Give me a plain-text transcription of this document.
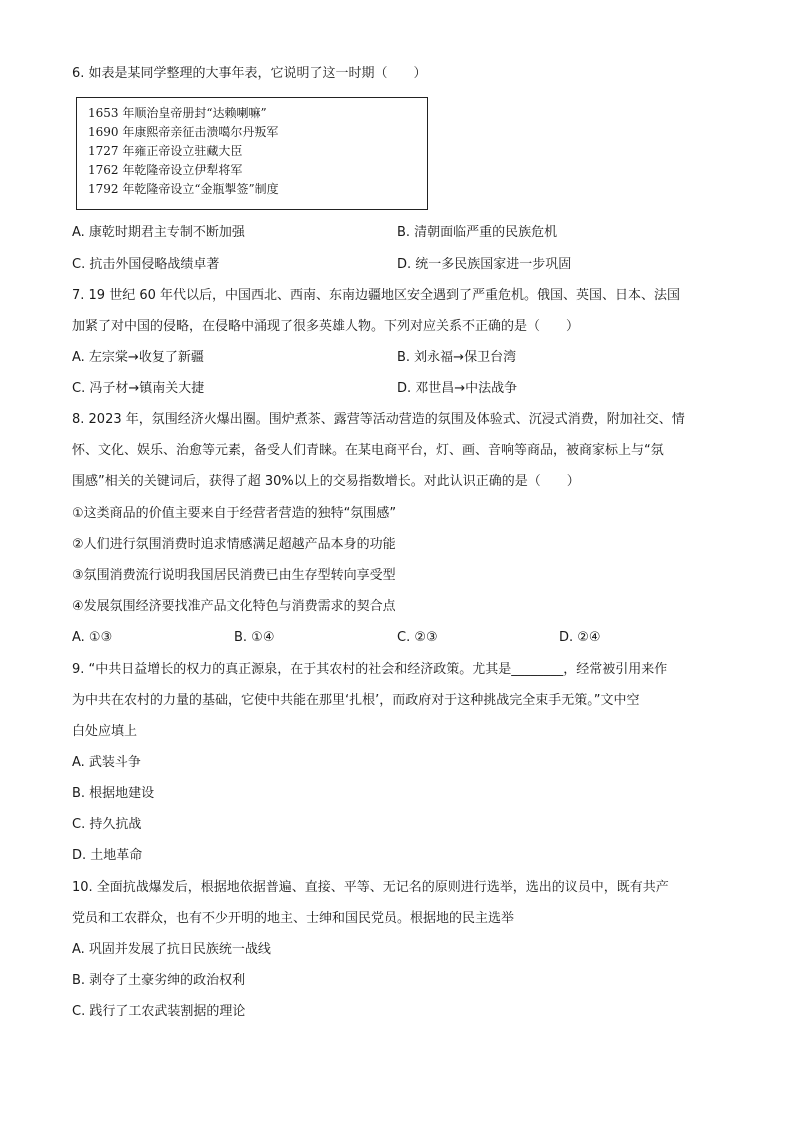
6. 如表是某同学整理的大事年表，它说明了这一时期（　　）
1653 年顺治皇帝册封“达赖喇嘛”
1690 年康熙帝亲征击溃噶尔丹叛军
1727 年雍正帝设立驻藏大臣
1762 年乾隆帝设立伊犁将军
1792 年乾隆帝设立“金瓶掣签”制度
A. 康乾时期君主专制不断加强	B. 清朝面临严重的民族危机
C. 抗击外国侵略战绩卓著	D. 统一多民族国家进一步巩固
7. 19 世纪 60 年代以后，中国西北、西南、东南边疆地区安全遇到了严重危机。俄国、英国、日本、法国
加紧了对中国的侵略，在侵略中涌现了很多英雄人物。下列对应关系不正确的是（　　）
A. 左宗棠→收复了新疆	B. 刘永福→保卫台湾
C. 冯子材→镇南关大捷	D. 邓世昌→中法战争
8. 2023 年，氛围经济火爆出圈。围炉煮茶、露营等活动营造的氛围及体验式、沉浸式消费，附加社交、情
怀、文化、娱乐、治愈等元素，备受人们青睐。在某电商平台，灯、画、音响等商品，被商家标上与“氛
围感”相关的关键词后，获得了超 30%以上的交易指数增长。对此认识正确的是（　　）
①这类商品的价值主要来自于经营者营造的独特“氛围感”
②人们进行氛围消费时追求情感满足超越产品本身的功能
③氛围消费流行说明我国居民消费已由生存型转向享受型
④发展氛围经济要找准产品文化特色与消费需求的契合点
A. ①③	B. ①④	C. ②③	D. ②④
9. “中共日益增长的权力的真正源泉，在于其农村的社会和经济政策。尤其是________，经常被引用来作
为中共在农村的力量的基础，它使中共能在那里‘扎根’，而政府对于这种挑战完全束手无策。”文中空
白处应填上
A. 武装斗争
B. 根据地建设
C. 持久抗战
D. 土地革命
10. 全面抗战爆发后，根据地依据普遍、直接、平等、无记名的原则进行选举，选出的议员中，既有共产
党员和工农群众，也有不少开明的地主、士绅和国民党员。根据地的民主选举
A. 巩固并发展了抗日民族统一战线
B. 剥夺了土豪劣绅的政治权利
C. 践行了工农武装割据的理论
